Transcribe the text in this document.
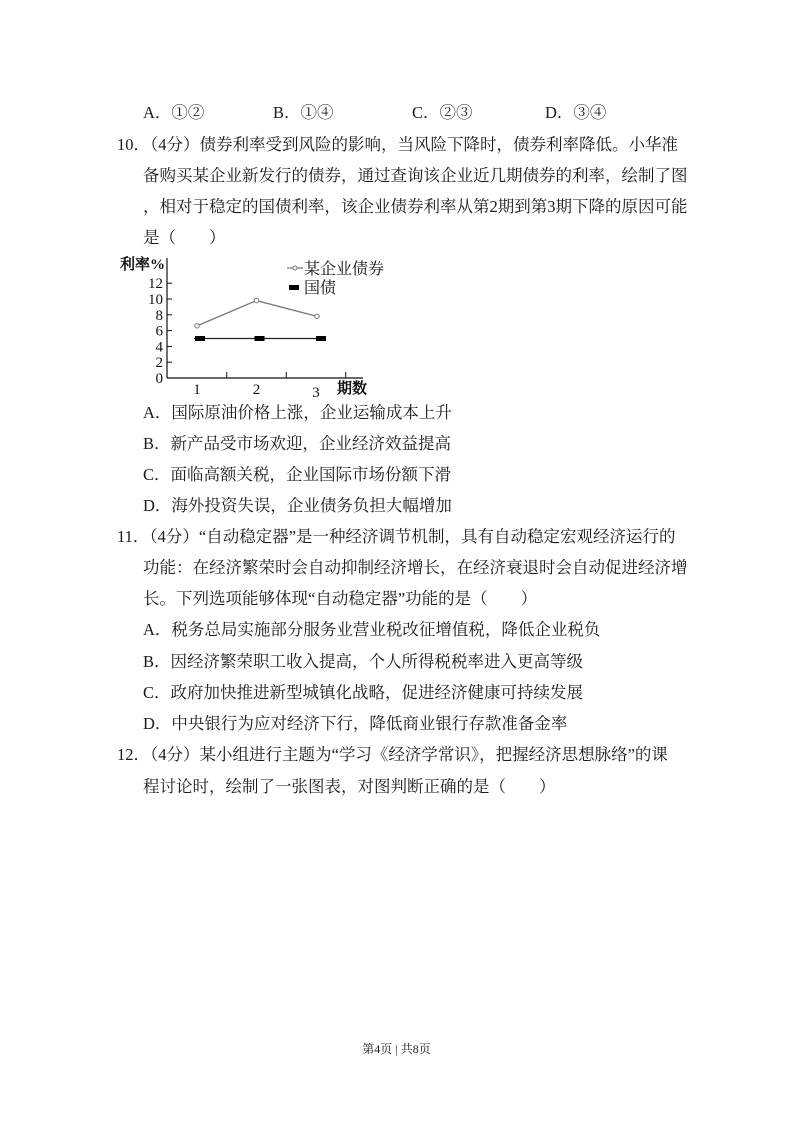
A．①②	B．①④	C．②③	D．③④
10．（4分）债券利率受到风险的影响，当风险下降时，债券利率降低。小华准
备购买某企业新发行的债券，通过查询该企业近几期债券的利率，绘制了图
，相对于稳定的国债利率，该企业债券利率从第2期到第3期下降的原因可能
是（　　）
0
2
4
6
8
10
12
1	2	3
利率%
期数
某企业债券
国债
A．国际原油价格上涨，企业运输成本上升
B．新产品受市场欢迎，企业经济效益提高
C．面临高额关税，企业国际市场份额下滑
D．海外投资失误，企业债务负担大幅增加
11．（4分）“自动稳定器”是一种经济调节机制，具有自动稳定宏观经济运行的
功能：在经济繁荣时会自动抑制经济增长，在经济衰退时会自动促进经济增
长。下列选项能够体现“自动稳定器”功能的是（　　）
A．税务总局实施部分服务业营业税改征增值税，降低企业税负
B．因经济繁荣职工收入提高，个人所得税税率进入更高等级
C．政府加快推进新型城镇化战略，促进经济健康可持续发展
D．中央银行为应对经济下行，降低商业银行存款准备金率
12．（4分）某小组进行主题为“学习《经济学常识》，把握经济思想脉络”的课
程讨论时，绘制了一张图表，对图判断正确的是（　　）
第4页 | 共8页
